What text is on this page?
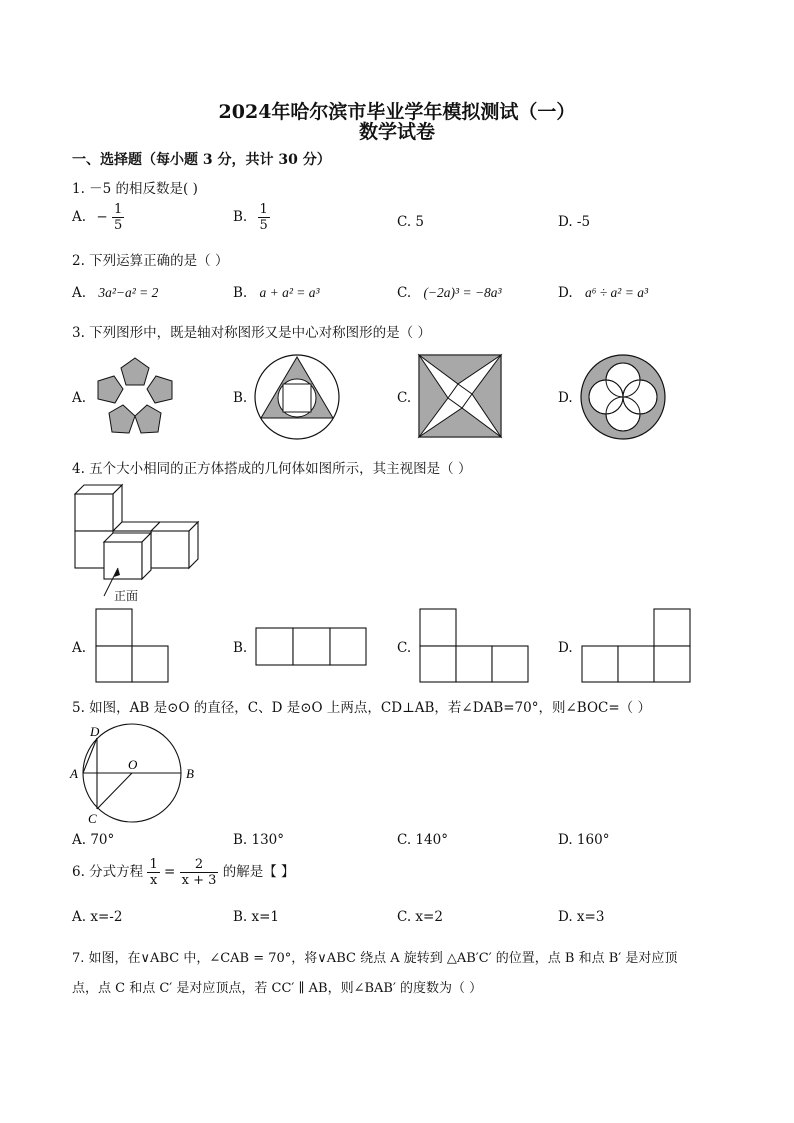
2024年哈尔滨市毕业学年模拟测试（一）
数学试卷
一、选择题（每小题 3 分，共计 30 分）
1. －5 的相反数是( )
A. − $\frac{1}{5}$	B. $\frac{1}{5}$	C. 5	D. -5
2. 下列运算正确的是（ ）
A. 3a²−a² = 2	B. a + a² = a³	C. (−2a)³ = −8a³	D. a⁶ ÷ a² = a³
3. 下列图形中，既是轴对称图形又是中心对称图形的是（ ）
A.	B.	C.	D.
4. 五个大小相同的正方体搭成的几何体如图所示，其主视图是（ ）
正面
A.	B.	C.	D.
5. 如图，AB 是⊙O 的直径，C、D 是⊙O 上两点，CD⊥AB，若∠DAB=70°，则∠BOC=（ ）
D
A
O
B
C
A. 70°	B. 130°	C. 140°	D. 160°
6. 分式方程 $\frac{1}{x} = \frac{2}{x + 3}$ 的解是【 】
A. x=-2	B. x=1	C. x=2	D. x=3
7. 如图，在∨ABC 中，∠CAB = 70°，将∨ABC 绕点 A 旋转到 △AB′C′ 的位置，点 B 和点 B′ 是对应顶
点，点 C 和点 C′ 是对应顶点，若 CC′ ∥ AB，则∠BAB′ 的度数为（ ）
